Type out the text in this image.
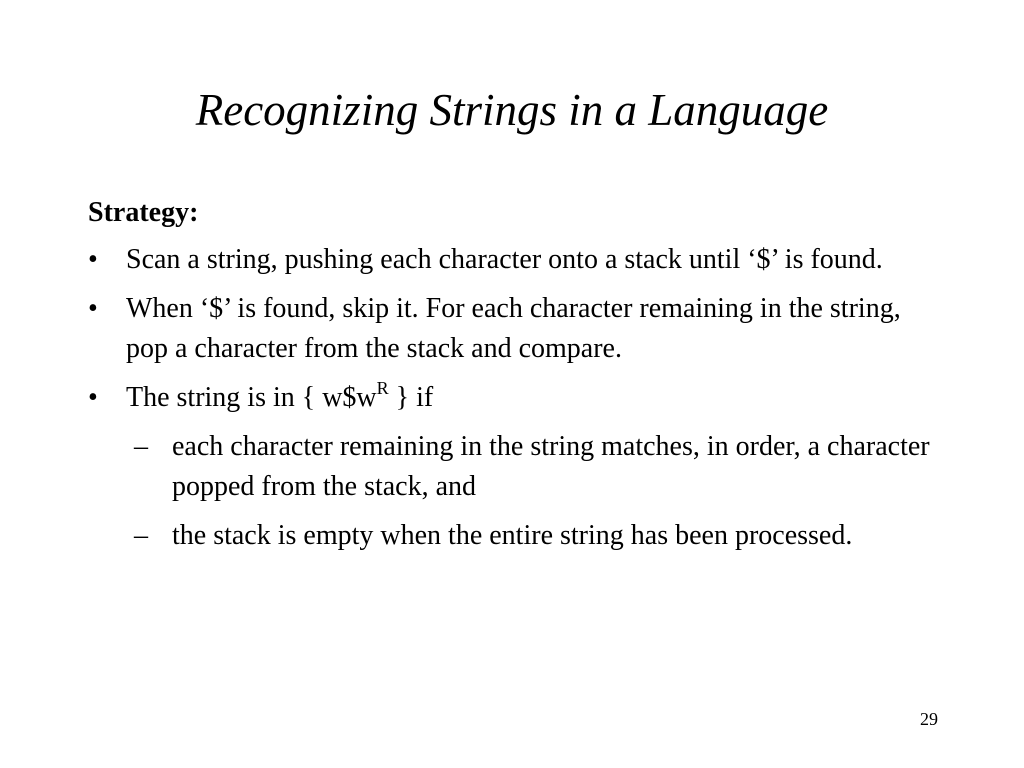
Recognizing Strings in a Language
Strategy:
• Scan a string, pushing each character onto a stack until ‘$’ is found.
• When ‘$’ is found, skip it. For each character remaining in the string, pop a character from the stack and compare.
• The string is in { $w\$w^R$ } if
– each character remaining in the string matches, in order, a character popped from the stack, and
– the stack is empty when the entire string has been processed.
29
